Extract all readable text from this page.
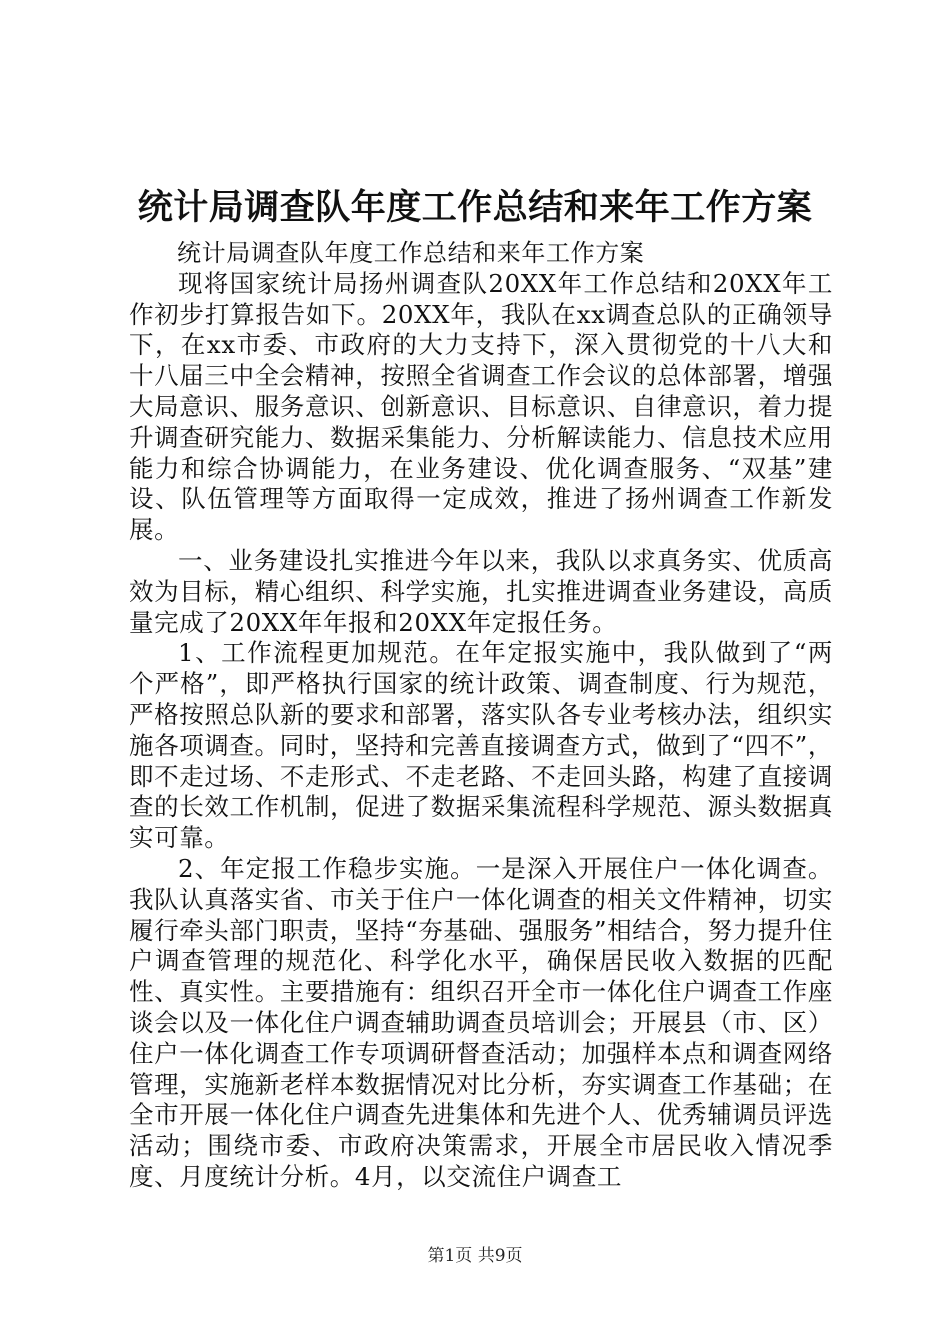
统计局调查队年度工作总结和来年工作方案

统计局调查队年度工作总结和来年工作方案

现将国家统计局扬州调查队20XX年工作总结和20XX年工作初步打算报告如下。20XX年，我队在xx调查总队的正确领导下，在xx市委、市政府的大力支持下，深入贯彻党的十八大和十八届三中全会精神，按照全省调查工作会议的总体部署，增强大局意识、服务意识、创新意识、目标意识、自律意识，着力提升调查研究能力、数据采集能力、分析解读能力、信息技术应用能力和综合协调能力，在业务建设、优化调查服务、“双基”建设、队伍管理等方面取得一定成效，推进了扬州调查工作新发展。

一、业务建设扎实推进今年以来，我队以求真务实、优质高效为目标，精心组织、科学实施，扎实推进调查业务建设，高质量完成了20XX年年报和20XX年定报任务。

1、工作流程更加规范。在年定报实施中，我队做到了“两个严格”，即严格执行国家的统计政策、调查制度、行为规范，严格按照总队新的要求和部署，落实队各专业考核办法，组织实施各项调查。同时，坚持和完善直接调查方式，做到了“四不”，即不走过场、不走形式、不走老路、不走回头路，构建了直接调查的长效工作机制，促进了数据采集流程科学规范、源头数据真实可靠。

2、年定报工作稳步实施。一是深入开展住户一体化调查。我队认真落实省、市关于住户一体化调查的相关文件精神，切实履行牵头部门职责，坚持“夯基础、强服务”相结合，努力提升住户调查管理的规范化、科学化水平，确保居民收入数据的匹配性、真实性。主要措施有：组织召开全市一体化住户调查工作座谈会以及一体化住户调查辅助调查员培训会；开展县（市、区）住户一体化调查工作专项调研督查活动；加强样本点和调查网络管理，实施新老样本数据情况对比分析，夯实调查工作基础；在全市开展一体化住户调查先进集体和先进个人、优秀辅调员评选活动；围绕市委、市政府决策需求，开展全市居民收入情况季度、月度统计分析。4月，以交流住户调查工

第1页 共9页
